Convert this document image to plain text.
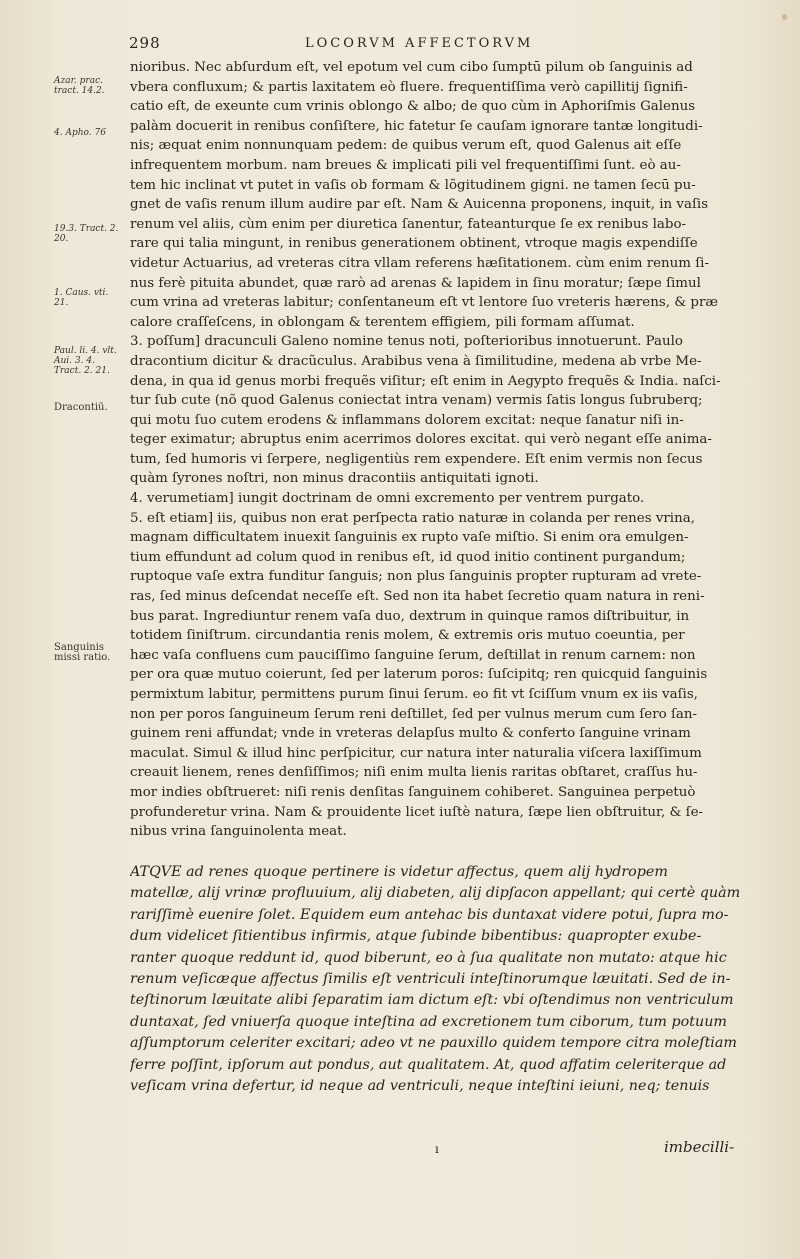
298	LOCORVM AFFECTORVM
Azar. prac. tract. 14.2.
4. Apho. 76
19.3. Tract. 2. 20.
1. Caus. vti. 21.
Paul. li. 4. vlt. Aui. 3. 4. Tract. 2. 21.
Dracontiū.
Sanguinis missi ratio.
nioribus. Nec abſurdum eſt, vel epotum vel cum cibo ſumptū pilum ob ſanguinis ad
vbera confluxum; & partis laxitatem eò fluere. frequentiſſima verò capillitij ſignifi-
catio eſt, de exeunte cum vrinis oblongo & albo; de quo cùm in Aphoriſmis Galenus
palàm docuerit in renibus conſiſtere, hic fatetur ſe cauſam ignorare tantæ longitudi-
nis; æquat enim nonnunquam pedem: de quibus verum eſt, quod Galenus ait eſſe
infrequentem morbum. nam breues & implicati pili vel frequentiſſimi ſunt. eò au-
tem hic inclinat vt putet in vaſis ob formam & lõgitudinem gigni. ne tamen ſecū pu-
gnet de vaſis renum illum audire par eſt. Nam & Auicenna proponens, inquit, in vaſis
renum vel aliis, cùm enim per diuretica ſanentur, fateanturque ſe ex renibus labo-
rare qui talia mingunt, in renibus generationem obtinent, vtroque magis expendiſſe
videtur Actuarius, ad vreteras citra vllam referens hæſitationem. cùm enim renum ſi-
nus ferè pituita abundet, quæ rarò ad arenas & lapidem in ſinu moratur; ſæpe ſimul
cum vrina ad vreteras labitur; conſentaneum eſt vt lentore ſuo vreteris hærens, & præ
calore craſſeſcens, in oblongam & terentem effigiem, pili formam aſſumat.
3. poſſum] dracunculi Galeno nomine tenus noti, poſterioribus innotuerunt. Paulo
dracontium dicitur & dracũculus. Arabibus vena à ſimilitudine, medena ab vrbe Me-
dena, in qua id genus morbi frequẽs viſitur; eſt enim in Aegypto frequẽs & India. naſci-
tur ſub cute (nõ quod Galenus coniectat intra venam) vermis ſatis longus ſubruberq;
qui motu ſuo cutem erodens & inflammans dolorem excitat: neque ſanatur niſi in-
teger eximatur; abruptus enim acerrimos dolores excitat. qui verò negant eſſe anima-
tum, ſed humoris vi ſerpere, negligentiùs rem expendere. Eſt enim vermis non ſecus
quàm ſyrones noſtri, non minus dracontiis antiquitati ignoti.
4. verumetiam] iungit doctrinam de omni excremento per ventrem purgato.
5. eſt etiam] iis, quibus non erat perſpecta ratio naturæ in colanda per renes vrina,
magnam difficultatem inuexit ſanguinis ex rupto vaſe miſtio. Si enim ora emulgen-
tium effundunt ad colum quod in renibus eſt, id quod initio continent purgandum;
ruptoque vaſe extra funditur ſanguis; non plus ſanguinis propter rupturam ad vrete-
ras, ſed minus deſcendat neceſſe eſt. Sed non ita habet ſecretio quam natura in reni-
bus parat. Ingrediuntur renem vaſa duo, dextrum in quinque ramos diſtribuitur, in
totidem ſiniſtrum. circundantia renis molem, & extremis oris mutuo coeuntia, per
hæc vaſa confluens cum pauciſſimo ſanguine ſerum, deſtillat in renum carnem: non
per ora quæ mutuo coierunt, ſed per laterum poros: ſuſcipitq; ren quicquid ſanguinis
permixtum labitur, permittens purum ſinui ſerum. eo fit vt ſciſſum vnum ex iis vaſis,
non per poros ſanguineum ſerum reni deſtillet, ſed per vulnus merum cum ſero ſan-
guinem reni affundat; vnde in vreteras delapſus multo & conferto ſanguine vrinam
maculat. Simul & illud hinc perſpicitur, cur natura inter naturalia viſcera laxiſſimum
creauit lienem, renes denſiſſimos; niſi enim multa lienis raritas obſtaret, craſſus hu-
mor indies obſtrueret: niſi renis denſitas ſanguinem cohiberet. Sanguinea perpetuò
profunderetur vrina. Nam & prouidente licet iuſtè natura, ſæpe lien obſtruitur, & ſe-
nibus vrina ſanguinolenta meat.
ATQVE ad renes quoque pertinere is videtur affectus, quem alij hydropem
matellæ, alij vrinæ profluuium, alij diabeten, alij dipſacon appellant; qui certè quàm
rariſſimè euenire ſolet. Equidem eum antehac bis duntaxat videre potui, ſupra mo-
dum videlicet ſitientibus infirmis, atque ſubinde bibentibus: quapropter exube-
ranter quoque reddunt id, quod biberunt, eo à ſua qualitate non mutato: atque hic
renum veſicæque affectus ſimilis eſt ventriculi inteſtinorumque læuitati. Sed de in-
teſtinorum læuitate alibi ſeparatim iam dictum eſt: vbi oſtendimus non ventriculum
duntaxat, ſed vniuerſa quoque inteſtina ad excretionem tum ciborum, tum potuum
aſſumptorum celeriter excitari; adeo vt ne pauxillo quidem tempore citra moleſtiam
ferre poſſint, ipſorum aut pondus, aut qualitatem. At, quod affatim celeriterque ad
veſicam vrina defertur, id neque ad ventriculi, neque inteſtini ieiuni, neq; tenuis
ı	imbecilli-
